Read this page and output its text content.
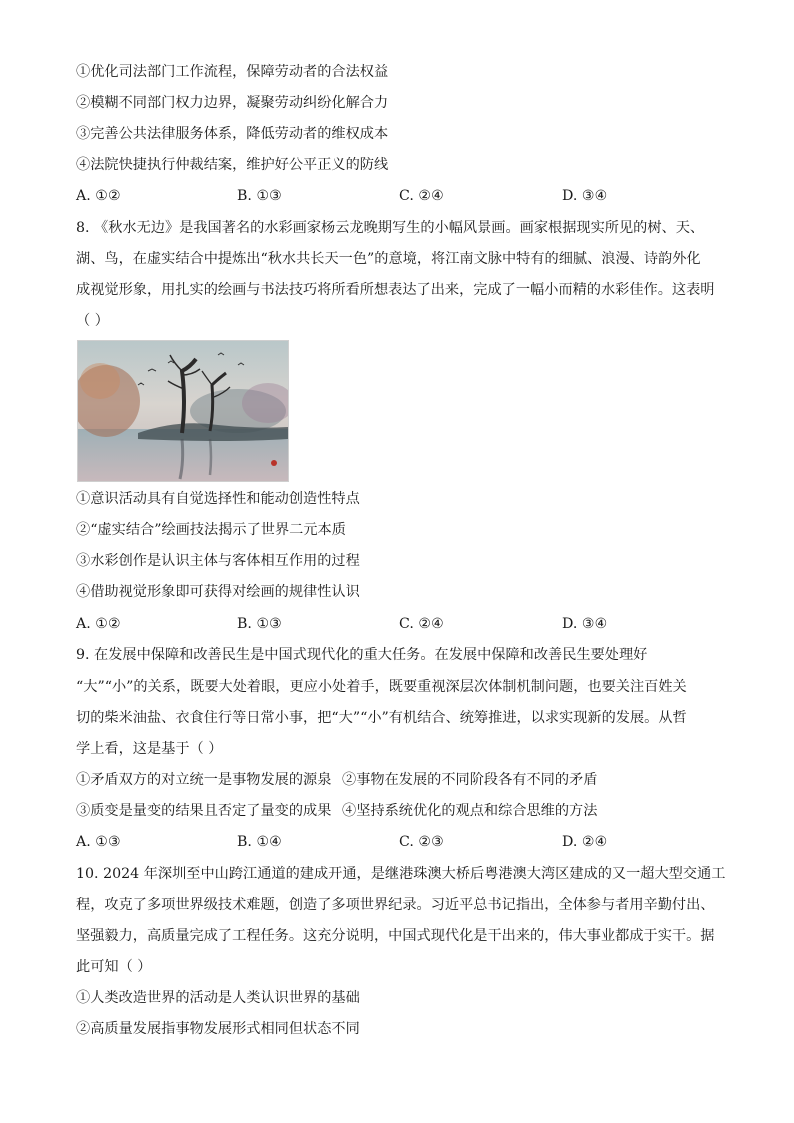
①优化司法部门工作流程，保障劳动者的合法权益
②模糊不同部门权力边界，凝聚劳动纠纷化解合力
③完善公共法律服务体系，降低劳动者的维权成本
④法院快捷执行仲裁结案，维护好公平正义的防线
A. ①②	B. ①③	C. ②④	D. ③④
8. 《秋水无边》是我国著名的水彩画家杨云龙晚期写生的小幅风景画。画家根据现实所见的树、天、
湖、鸟，在虚实结合中提炼出“秋水共长天一色”的意境，将江南文脉中特有的细腻、浪漫、诗韵外化
成视觉形象，用扎实的绘画与书法技巧将所看所想表达了出来，完成了一幅小而精的水彩佳作。这表明
（ ）
①意识活动具有自觉选择性和能动创造性特点
②“虚实结合”绘画技法揭示了世界二元本质
③水彩创作是认识主体与客体相互作用的过程
④借助视觉形象即可获得对绘画的规律性认识
A. ①②	B. ①③	C. ②④	D. ③④
9. 在发展中保障和改善民生是中国式现代化的重大任务。在发展中保障和改善民生要处理好
“大”“小”的关系，既要大处着眼，更应小处着手，既要重视深层次体制机制问题，也要关注百姓关
切的柴米油盐、衣食住行等日常小事，把“大”“小”有机结合、统筹推进，以求实现新的发展。从哲
学上看，这是基于（ ）
①矛盾双方的对立统一是事物发展的源泉 ②事物在发展的不同阶段各有不同的矛盾
③质变是量变的结果且否定了量变的成果 ④坚持系统优化的观点和综合思维的方法
A. ①③	B. ①④	C. ②③	D. ②④
10. 2024 年深圳至中山跨江通道的建成开通，是继港珠澳大桥后粤港澳大湾区建成的又一超大型交通工
程，攻克了多项世界级技术难题，创造了多项世界纪录。习近平总书记指出，全体参与者用辛勤付出、
坚强毅力，高质量完成了工程任务。这充分说明，中国式现代化是干出来的，伟大事业都成于实干。据
此可知（ ）
①人类改造世界的活动是人类认识世界的基础
②高质量发展指事物发展形式相同但状态不同
